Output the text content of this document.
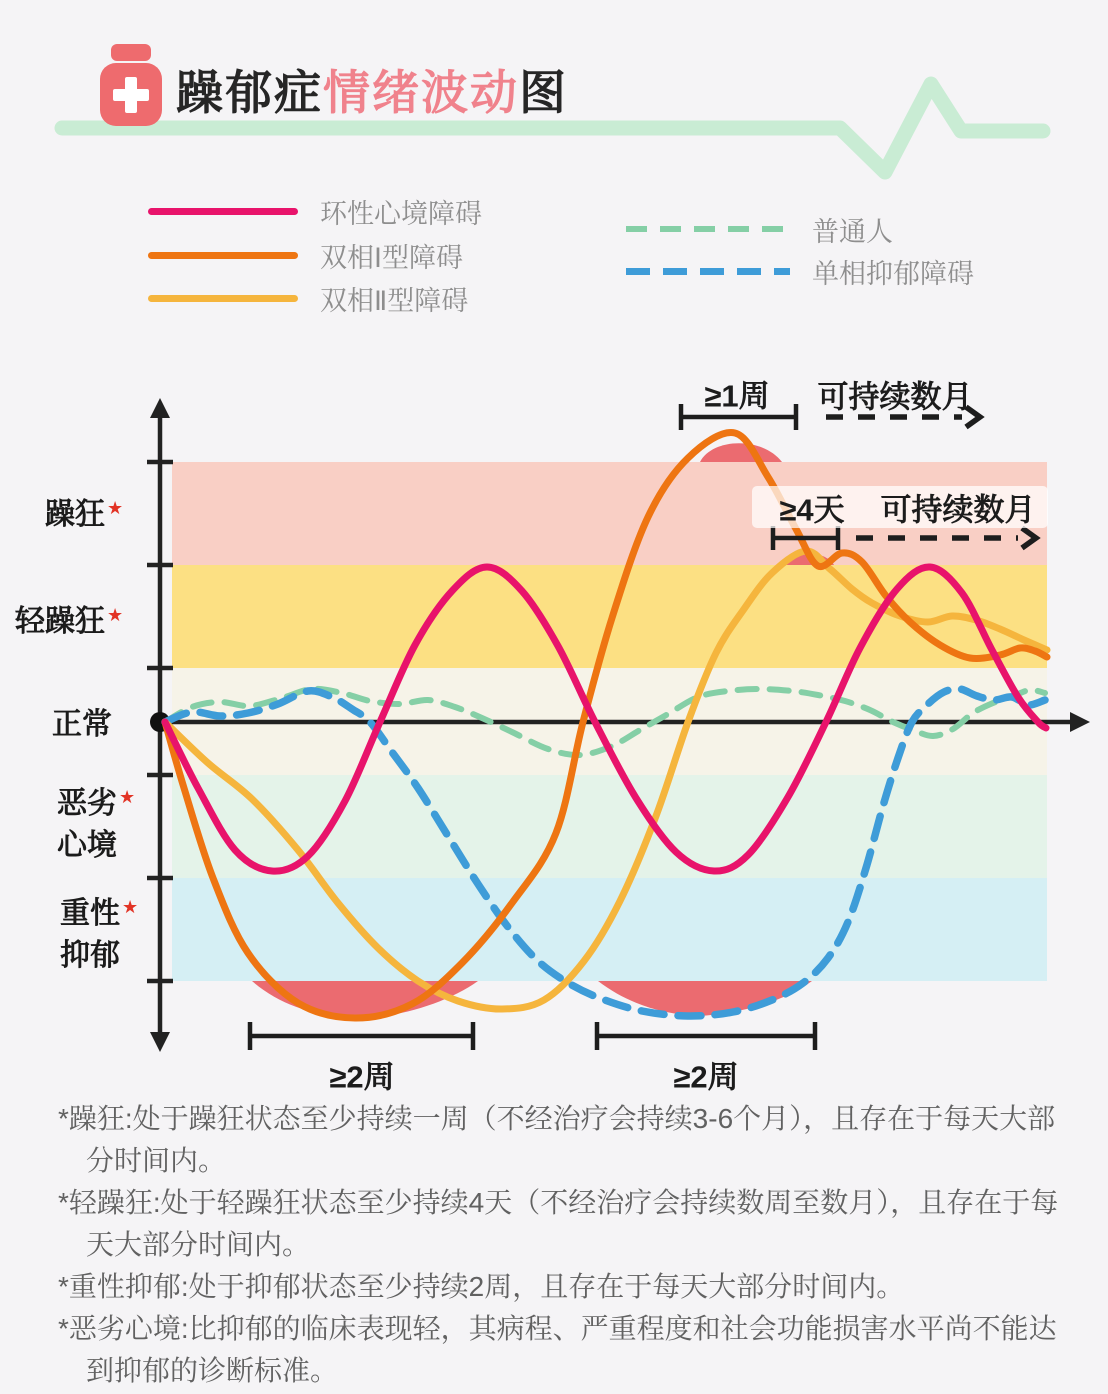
躁郁症情绪波动图
环性心境障碍
双相Ⅰ型障碍
双相Ⅱ型障碍
普通人
单相抑郁障碍
躁狂 ★
轻躁狂 ★
正常
恶劣 ★
心境
重性 ★
抑郁
≥1周 可持续数月
≥4天 可持续数月
≥2周	≥2周

*躁狂:处于躁狂状态至少持续一周（不经治疗会持续3-6个月），且存在于每天大部分时间内。

*轻躁狂:处于轻躁狂状态至少持续4天（不经治疗会持续数周至数月），且存在于每天大部分时间内。

*重性抑郁:处于抑郁状态至少持续2周，且存在于每天大部分时间内。

*恶劣心境:比抑郁的临床表现轻，其病程、严重程度和社会功能损害水平尚不能达到抑郁的诊断标准。
